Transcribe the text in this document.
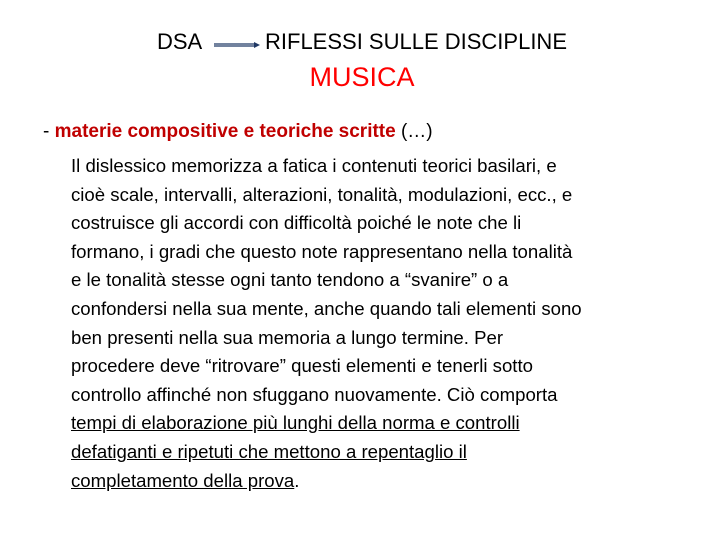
DSA	RIFLESSI SULLE DISCIPLINE
MUSICA
- materie compositive e teoriche scritte (…)
Il dislessico memorizza a fatica i contenuti teorici basilari, e
cioè scale, intervalli, alterazioni, tonalità, modulazioni, ecc., e
costruisce gli accordi con difficoltà poiché le note che li
formano, i gradi che questo note rappresentano nella tonalità
e le tonalità stesse ogni tanto tendono a “svanire” o a
confondersi nella sua mente, anche quando tali elementi sono
ben presenti nella sua memoria a lungo termine. Per
procedere deve “ritrovare” questi elementi e tenerli sotto
controllo affinché non sfuggano nuovamente. Ciò comporta
tempi di elaborazione più lunghi della norma e controlli
defatiganti e ripetuti che mettono a repentaglio il
completamento della prova.
